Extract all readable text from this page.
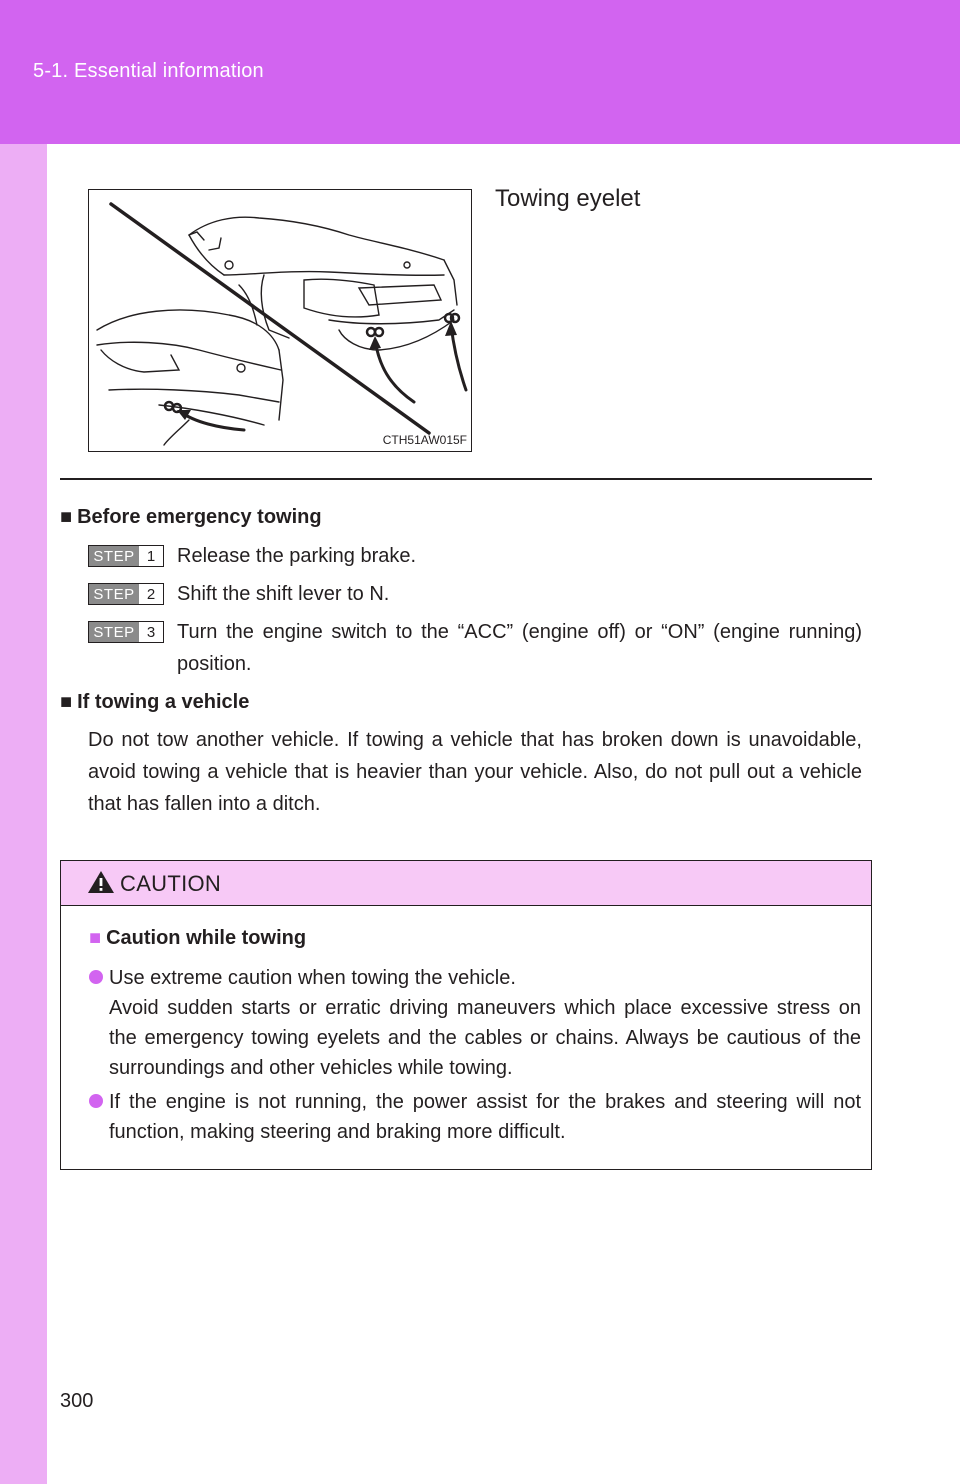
5-1. Essential information
CTH51AW015F
Towing eyelet
■ Before emergency towing
STEP 1	Release the parking brake.
STEP 2	Shift the shift lever to N.
STEP 3	Turn the engine switch to the “ACC” (engine off) or “ON” (engine running) position.
■ If towing a vehicle
Do not tow another vehicle. If towing a vehicle that has broken down is unavoidable, avoid towing a vehicle that is heavier than your vehicle. Also, do not pull out a vehicle that has fallen into a ditch.
CAUTION
■ Caution while towing
Use extreme caution when towing the vehicle.
Avoid sudden starts or erratic driving maneuvers which place excessive stress on the emergency towing eyelets and the cables or chains. Always be cautious of the surroundings and other vehicles while towing.
If the engine is not running, the power assist for the brakes and steering will not function, making steering and braking more difficult.
300
